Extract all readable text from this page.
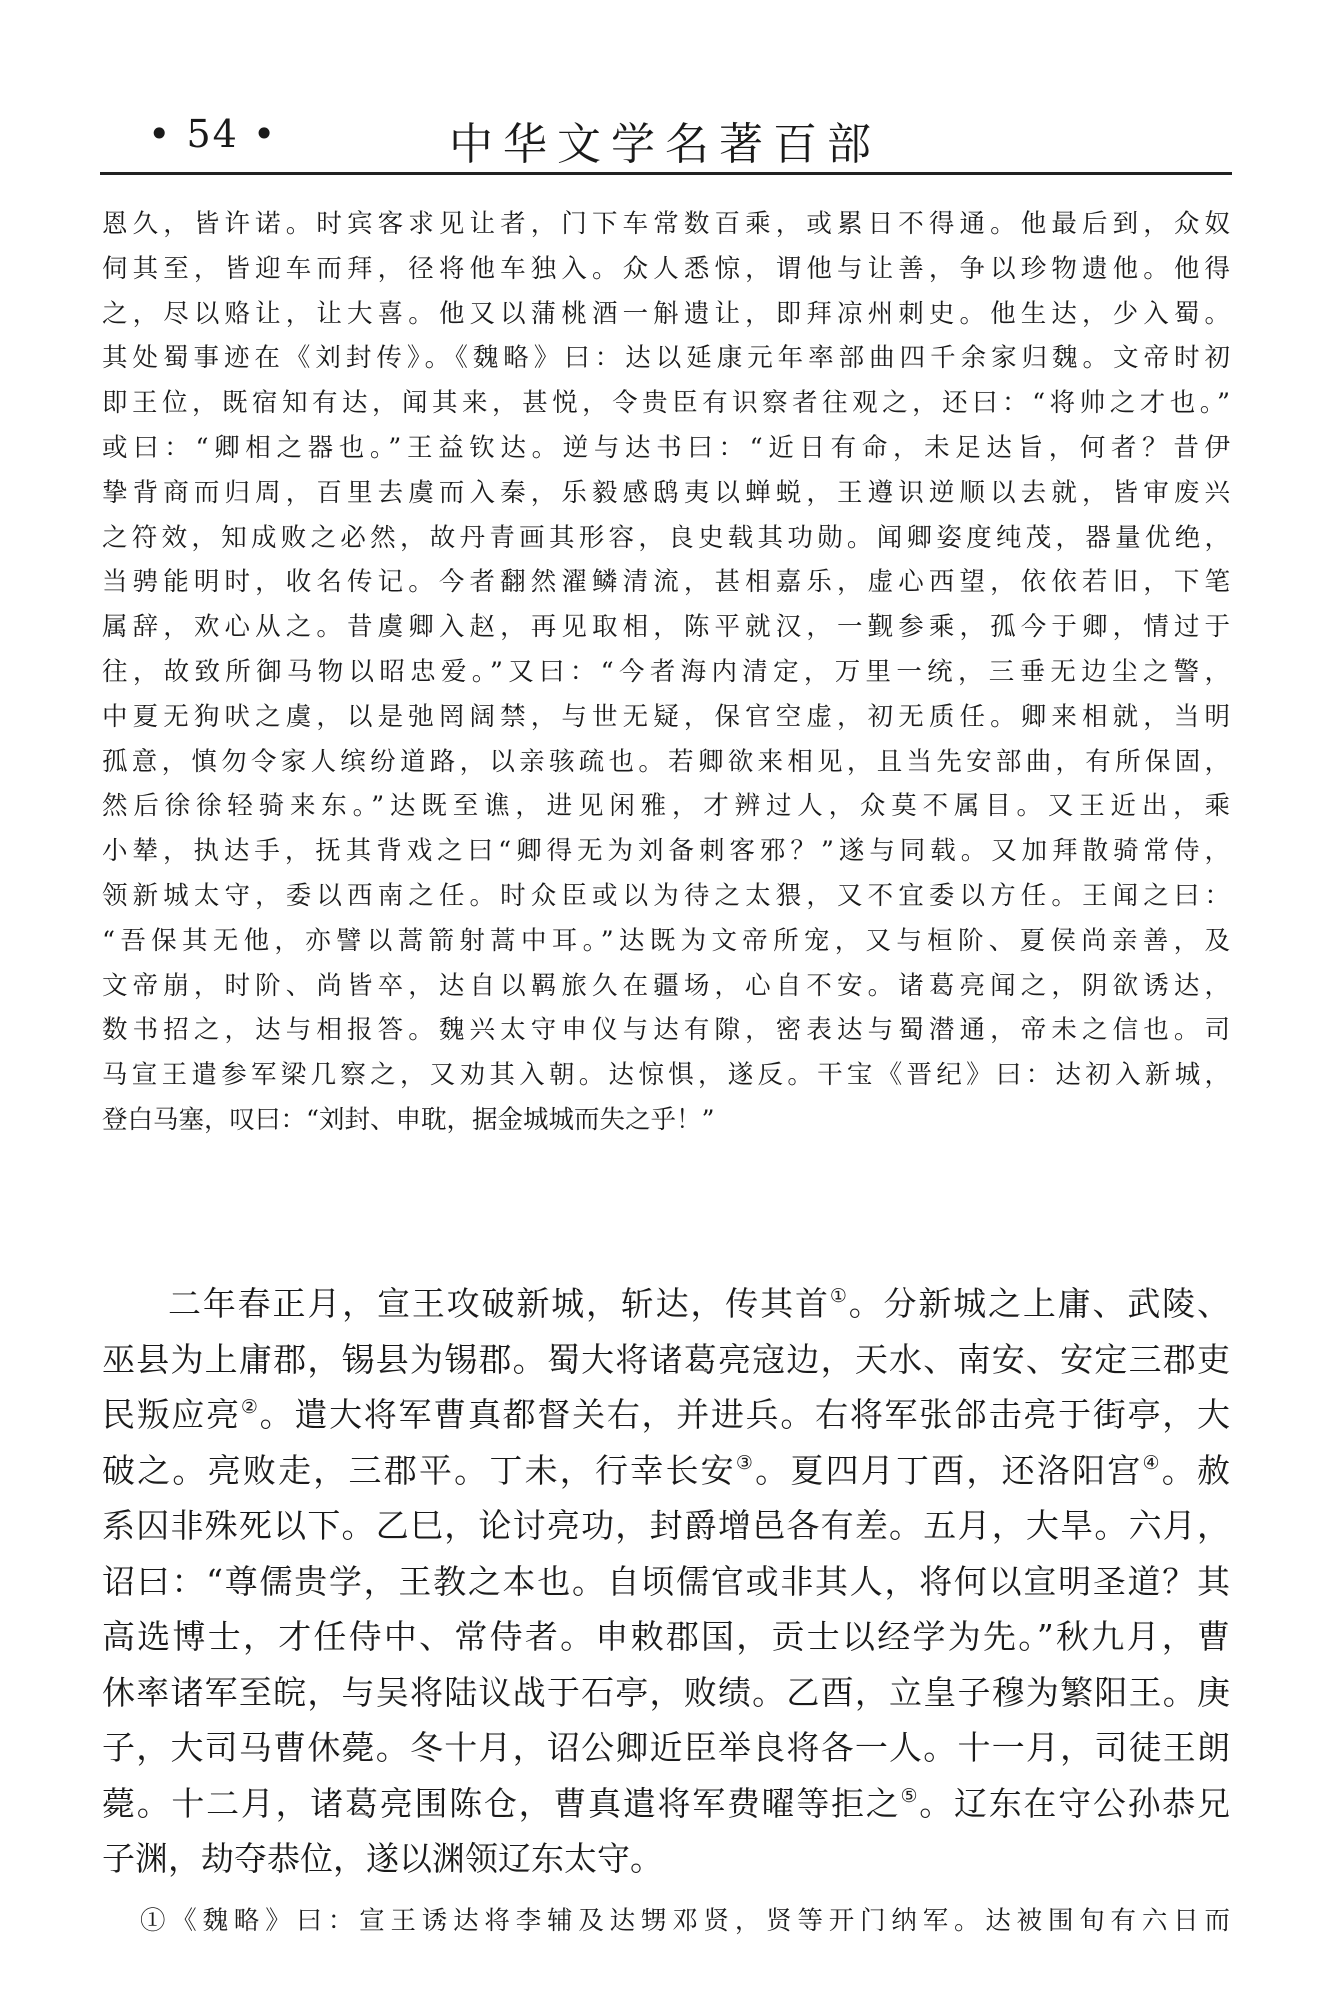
• 54 •	中华文学名著百部

恩久，皆许诺。时宾客求见让者，门下车常数百乘，或累日不得通。他最后到，众奴

伺其至，皆迎车而拜，径将他车独入。众人悉惊，谓他与让善，争以珍物遗他。他得

之，尽以赂让，让大喜。他又以蒲桃酒一斛遗让，即拜凉州刺史。他生达，少入蜀。

其处蜀事迹在《刘封传》。《魏略》曰：达以延康元年率部曲四千余家归魏。文帝时初

即王位，既宿知有达，闻其来，甚悦，令贵臣有识察者往观之，还曰：“将帅之才也。”

或曰：“卿相之器也。”王益钦达。逆与达书曰：“近日有命，未足达旨，何者？昔伊

挚背商而归周，百里去虞而入秦，乐毅感鸱夷以蝉蜕，王遵识逆顺以去就，皆审废兴

之符效，知成败之必然，故丹青画其形容，良史载其功勋。闻卿姿度纯茂，器量优绝，

当骋能明时，收名传记。今者翻然濯鳞清流，甚相嘉乐，虚心西望，依依若旧，下笔

属辞，欢心从之。昔虞卿入赵，再见取相，陈平就汉，一觐参乘，孤今于卿，情过于

往，故致所御马物以昭忠爱。”又曰：“今者海内清定，万里一统，三垂无边尘之警，

中夏无狗吠之虞，以是弛罔阔禁，与世无疑，保官空虚，初无质任。卿来相就，当明

孤意，慎勿令家人缤纷道路，以亲骇疏也。若卿欲来相见，且当先安部曲，有所保固，

然后徐徐轻骑来东。”达既至谯，进见闲雅，才辨过人，众莫不属目。又王近出，乘

小辇，执达手，抚其背戏之曰“卿得无为刘备刺客邪？”遂与同载。又加拜散骑常侍，

领新城太守，委以西南之任。时众臣或以为待之太猥，又不宜委以方任。王闻之曰：

“吾保其无他，亦譬以蒿箭射蒿中耳。”达既为文帝所宠，又与桓阶、夏侯尚亲善，及

文帝崩，时阶、尚皆卒，达自以羁旅久在疆场，心自不安。诸葛亮闻之，阴欲诱达，

数书招之，达与相报答。魏兴太守申仪与达有隙，密表达与蜀潜通，帝未之信也。司

马宣王遣参军梁几察之，又劝其入朝。达惊惧，遂反。干宝《晋纪》曰：达初入新城，

登白马塞，叹曰：“刘封、申耽，据金城城而失之乎！”

二年春正月，宣王攻破新城，斩达，传其首①。分新城之上庸、武陵、

巫县为上庸郡，锡县为锡郡。蜀大将诸葛亮寇边，天水、南安、安定三郡吏

民叛应亮②。遣大将军曹真都督关右，并进兵。右将军张郃击亮于街亭，大

破之。亮败走，三郡平。丁未，行幸长安③。夏四月丁酉，还洛阳宫④。赦

系囚非殊死以下。乙巳，论讨亮功，封爵增邑各有差。五月，大旱。六月，

诏曰：“尊儒贵学，王教之本也。自顷儒官或非其人，将何以宣明圣道？其

高选博士，才任侍中、常侍者。申敕郡国，贡士以经学为先。”秋九月，曹

休率诸军至皖，与吴将陆议战于石亭，败绩。乙酉，立皇子穆为繁阳王。庚

子，大司马曹休薨。冬十月，诏公卿近臣举良将各一人。十一月，司徒王朗

薨。十二月，诸葛亮围陈仓，曹真遣将军费曜等拒之⑤。辽东在守公孙恭兄

子渊，劫夺恭位，遂以渊领辽东太守。

①《魏略》曰：宣王诱达将李辅及达甥邓贤，贤等开门纳军。达被围旬有六日而
